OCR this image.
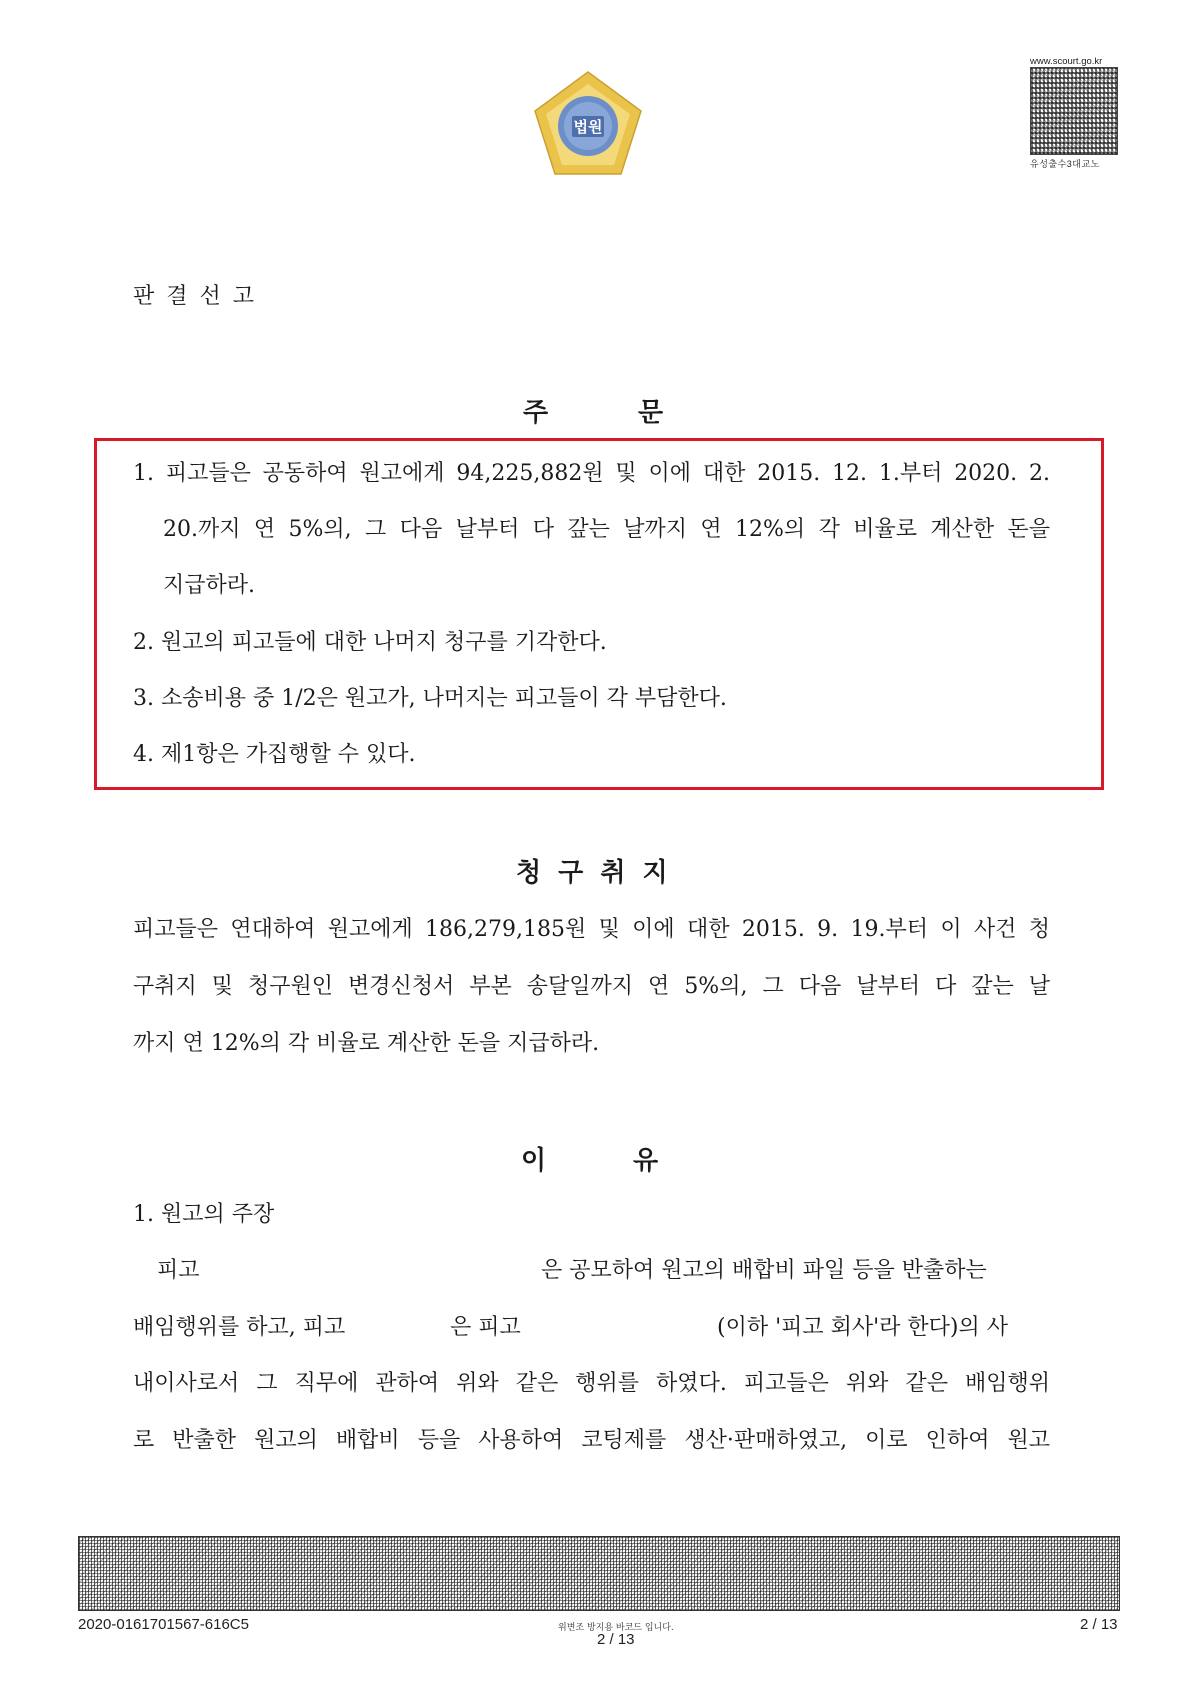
법원
www.scourt.go.kr
유성출수3대교노
판결선고
주	문
1. 피고들은 공동하여 원고에게 94,225,882원 및 이에 대한 2015. 12. 1.부터 2020. 2.
20.까지 연 5%의, 그 다음 날부터 다 갚는 날까지 연 12%의 각 비율로 계산한 돈을
지급하라.
2. 원고의 피고들에 대한 나머지 청구를 기각한다.
3. 소송비용 중 1/2은 원고가, 나머지는 피고들이 각 부담한다.
4. 제1항은 가집행할 수 있다.
청 구 취 지
피고들은 연대하여 원고에게 186,279,185원 및 이에 대한 2015. 9. 19.부터 이 사건 청
구취지 및 청구원인 변경신청서 부본 송달일까지 연 5%의, 그 다음 날부터 다 갚는 날
까지 연 12%의 각 비율로 계산한 돈을 지급하라.
이	유
1. 원고의 주장
피고	은 공모하여 원고의 배합비 파일 등을 반출하는
배임행위를 하고, 피고	은 피고	(이하 '피고 회사'라 한다)의 사
내이사로서 그 직무에 관하여 위와 같은 행위를 하였다. 피고들은 위와 같은 배임행위
로 반출한 원고의 배합비 등을 사용하여 코팅제를 생산·판매하였고, 이로 인하여 원고
2020-0161701567-616C5	위변조 방지용 바코드 입니다.
2 / 13
2 / 13
